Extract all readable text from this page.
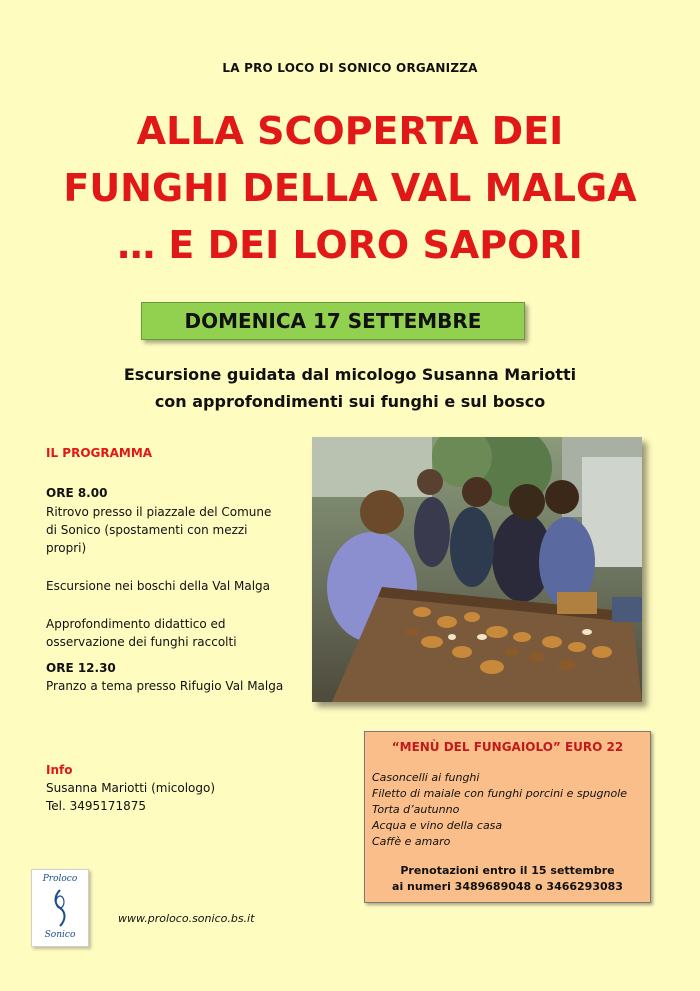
LA PRO LOCO DI SONICO ORGANIZZA
ALLA SCOPERTA DEI
FUNGHI DELLA VAL MALGA
… E DEI LORO SAPORI
DOMENICA 17 SETTEMBRE
Escursione guidata dal micologo Susanna Mariotti
con approfondimenti sui funghi e sul bosco
IL PROGRAMMA
ORE 8.00
Ritrovo presso il piazzale del Comune
di Sonico (spostamenti con mezzi
propri)
Escursione nei boschi della Val Malga
Approfondimento didattico ed
osservazione dei funghi raccolti
ORE 12.30
Pranzo a tema presso Rifugio Val Malga
Info
Susanna Mariotti (micologo)
Tel. 3495171875
Proloco
Sonico
www.proloco.sonico.bs.it
“MENÙ DEL FUNGAIOLO” EURO 22
Casoncelli ai funghi
Filetto di maiale con funghi porcini e spugnole
Torta d’autunno
Acqua e vino della casa
Caffè e amaro
Prenotazioni entro il 15 settembre
ai numeri 3489689048 o 3466293083
